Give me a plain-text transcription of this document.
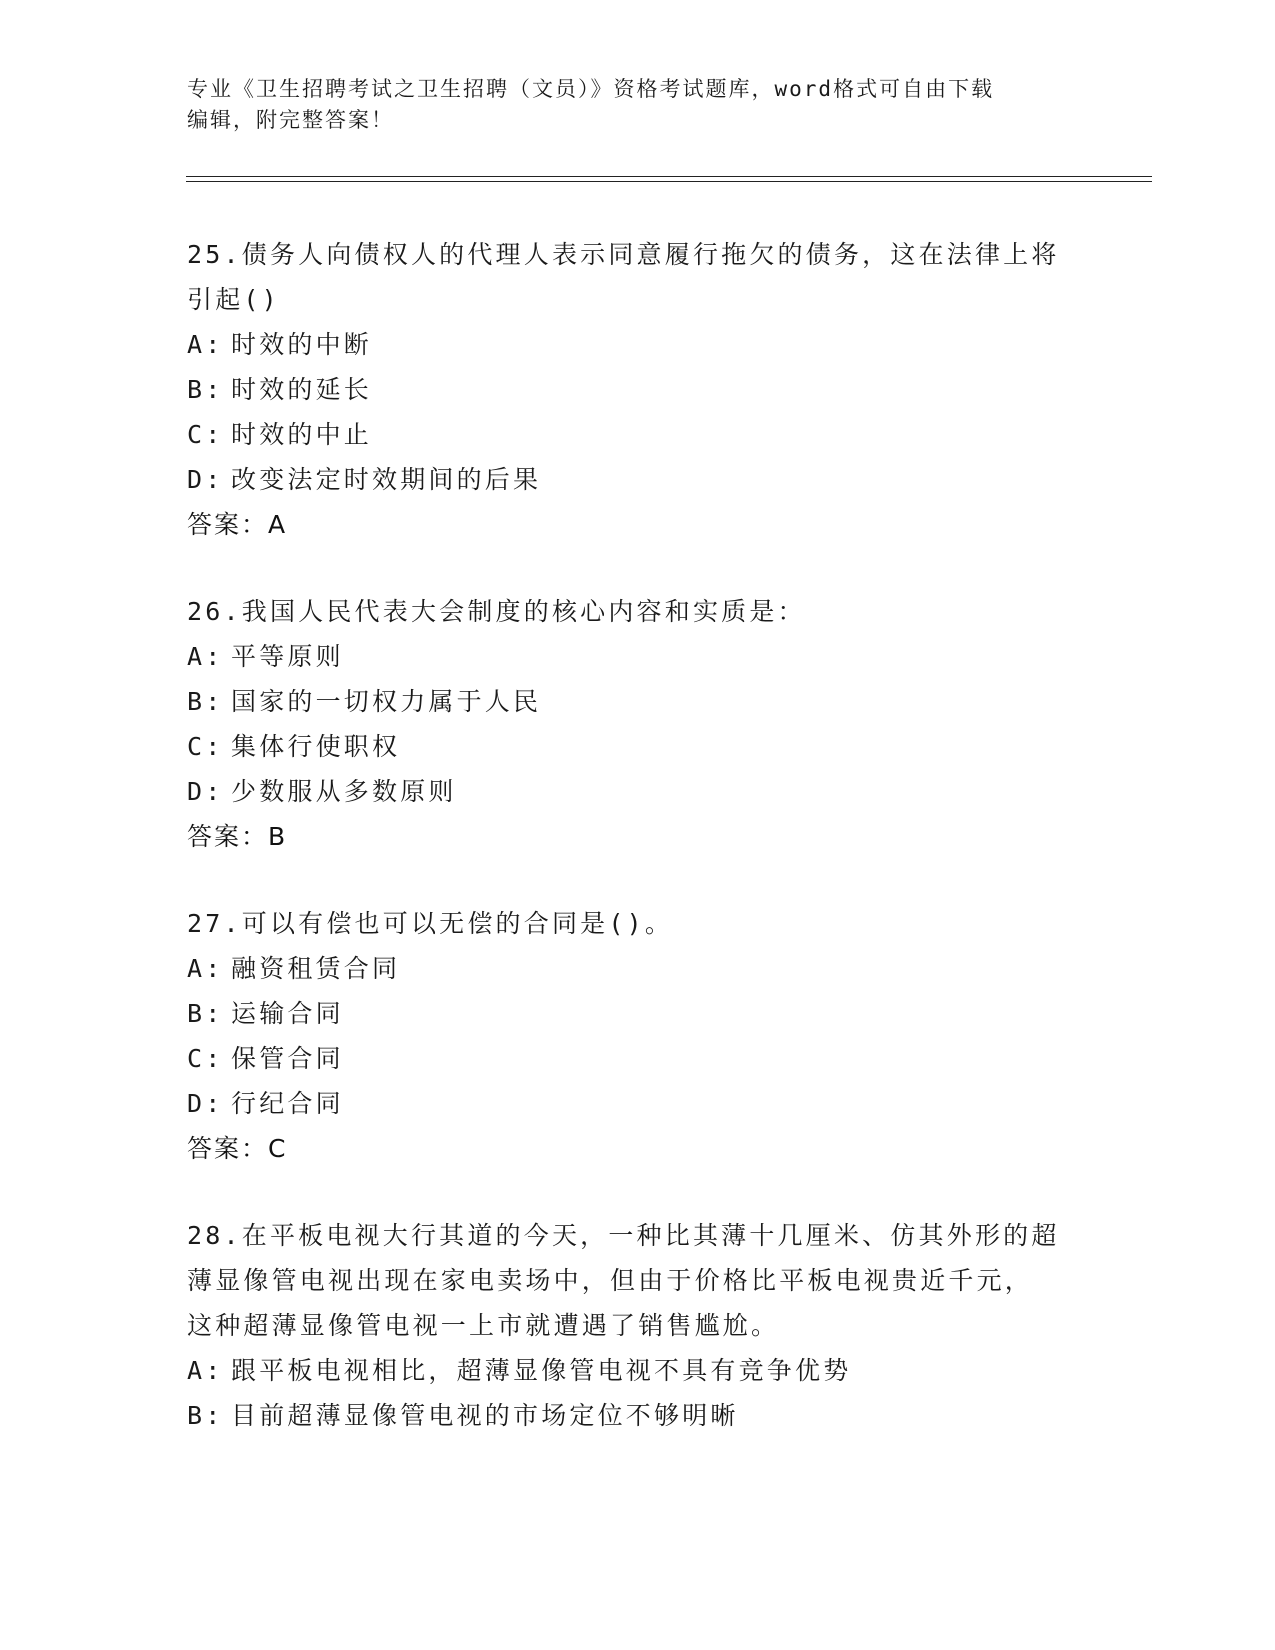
专业《卫生招聘考试之卫生招聘（文员）》资格考试题库，word格式可自由下载
编辑，附完整答案！
25.债务人向债权人的代理人表示同意履行拖欠的债务，这在法律上将
引起()
A: 时效的中断
B: 时效的延长
C: 时效的中止
D: 改变法定时效期间的后果
答案：A
26.我国人民代表大会制度的核心内容和实质是：
A: 平等原则
B: 国家的一切权力属于人民
C: 集体行使职权
D: 少数服从多数原则
答案：B
27.可以有偿也可以无偿的合同是()。
A: 融资租赁合同
B: 运输合同
C: 保管合同
D: 行纪合同
答案：C
28.在平板电视大行其道的今天，一种比其薄十几厘米、仿其外形的超
薄显像管电视出现在家电卖场中，但由于价格比平板电视贵近千元，
这种超薄显像管电视一上市就遭遇了销售尴尬。
A: 跟平板电视相比，超薄显像管电视不具有竞争优势
B: 目前超薄显像管电视的市场定位不够明晰
